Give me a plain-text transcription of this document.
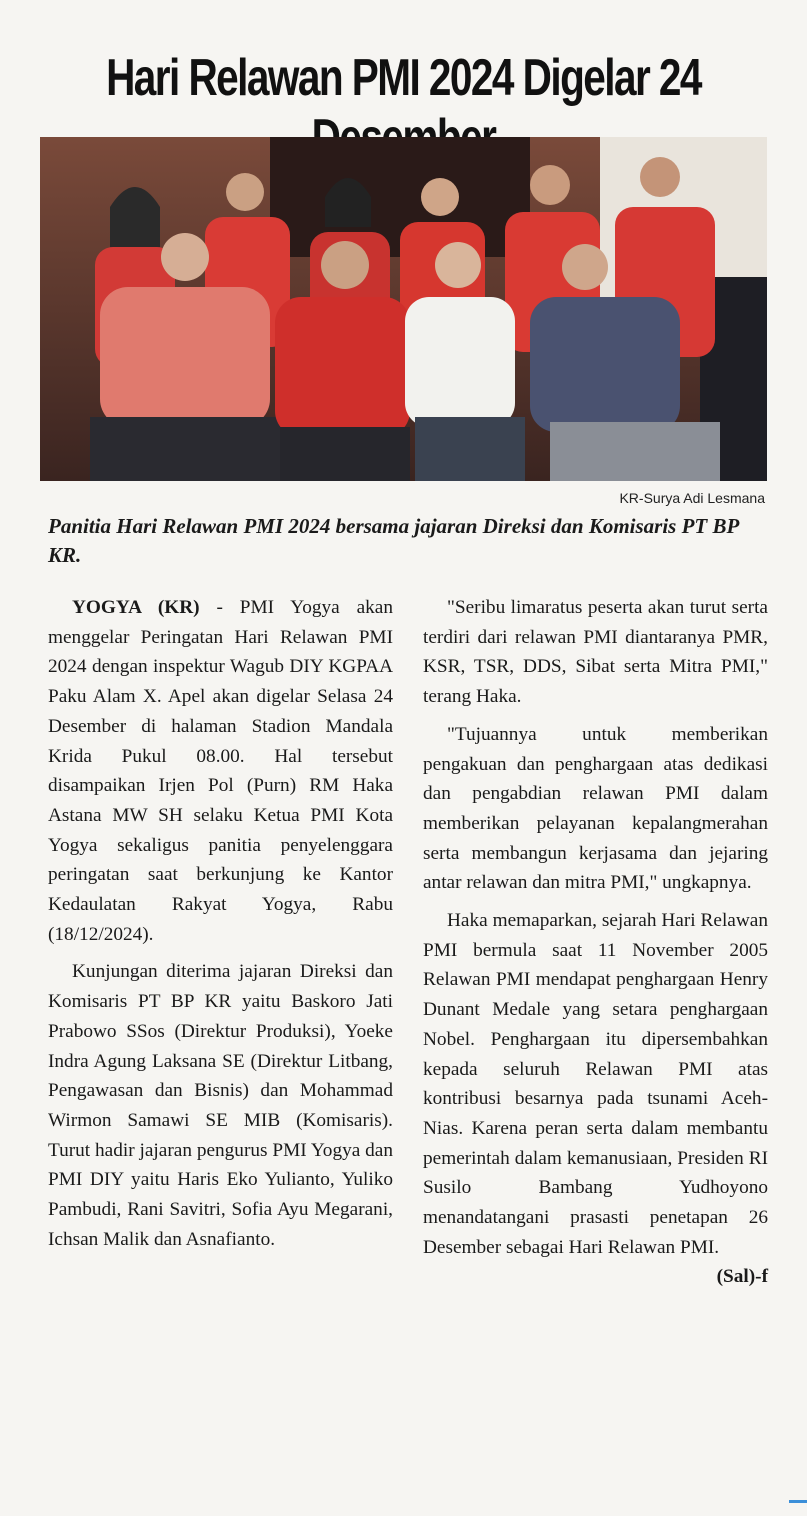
Hari Relawan PMI 2024 Digelar 24
KR-Surya Adi Lesmana
Panitia Hari Relawan PMI 2024 bersama jajaran Direksi dan Komisaris PT BP KR.

YOGYA (KR) - PMI Yogya akan menggelar Peringatan Hari Relawan PMI 2024 dengan inspektur Wagub DIY KGPAA Paku Alam X. Apel akan digelar Selasa 24 Desember di halaman Stadion Mandala Krida Pukul 08.00. Hal tersebut disampaikan Irjen Pol (Purn) RM Haka Astana MW SH selaku Ketua PMI Kota Yogya sekaligus panitia penyelenggara peringatan saat berkunjung ke Kantor Kedaulatan Rakyat Yogya, Rabu (18/12/2024).

Kunjungan diterima jajaran Direksi dan Komisaris PT BP KR yaitu Baskoro Jati Prabowo SSos (Direktur Produksi), Yoeke Indra Agung Laksana SE (Direktur Litbang, Pengawasan dan Bisnis) dan Mohammad Wirmon Samawi SE MIB (Komisaris). Turut hadir jajaran pengurus PMI Yogya dan PMI DIY yaitu Haris Eko Yulianto, Yuliko Pambudi, Rani Savitri, Sofia Ayu Megarani, Ichsan Malik dan Asnafianto.

"Seribu limaratus peserta akan turut serta terdiri dari relawan PMI diantaranya PMR, KSR, TSR, DDS, Sibat serta Mitra PMI," terang Haka.

"Tujuannya untuk memberikan pengakuan dan penghargaan atas dedikasi dan pengabdian relawan PMI dalam memberikan pelayanan kepalangmerahan serta membangun kerjasama dan jejaring antar relawan dan mitra PMI," ungkapnya.

Haka memaparkan, sejarah Hari Relawan PMI bermula saat 11 November 2005 Relawan PMI mendapat penghargaan Henry Dunant Medale yang setara penghargaan Nobel. Penghargaan itu dipersembahkan kepada seluruh Relawan PMI atas kontribusi besarnya pada tsunami Aceh-Nias. Karena peran serta dalam membantu pemerintah dalam kemanusiaan, Presiden RI Susilo Bambang Yudhoyono menandatangani prasasti penetapan 26 Desember sebagai Hari Relawan PMI.
(Sal)-f
